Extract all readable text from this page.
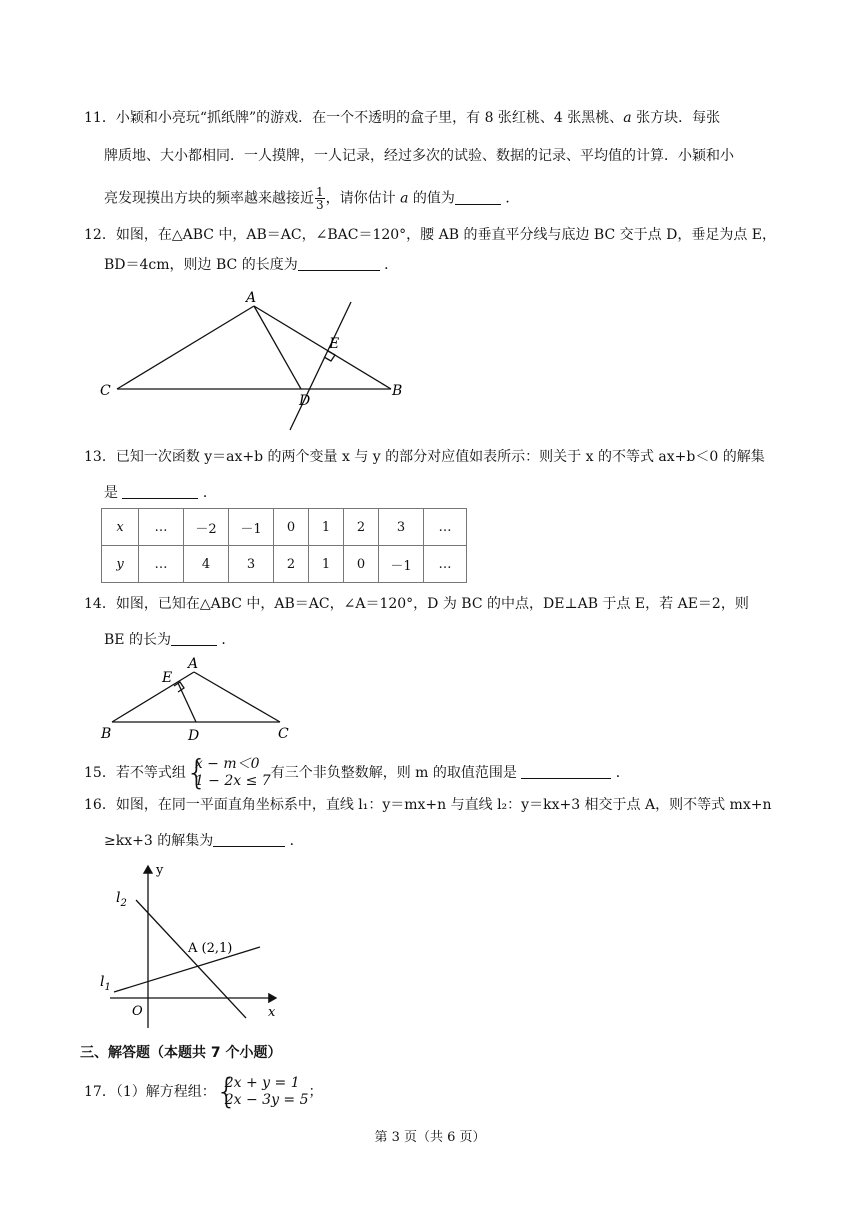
11．小颖和小亮玩“抓纸牌”的游戏．在一个不透明的盒子里，有 8 张红桃、4 张黑桃、a 张方块．每张
牌质地、大小都相同．一人摸牌，一人记录，经过多次的试验、数据的记录、平均值的计算．小颖和小
亮发现摸出方块的频率越来越接近 $\frac{1}{3}$ ，请你估计 a 的值为	．
12．如图，在△ABC 中，AB＝AC，∠BAC＝120°，腰 AB 的垂直平分线与底边 BC 交于点 D，垂足为点 E，
BD＝4cm，则边 BC 的长度为	．
A
C	B
D
E
13．已知一次函数 y＝ax+b 的两个变量 x 与 y 的部分对应值如表所示：则关于 x 的不等式 ax+b＜0 的解集
是	．
x	…	－2	－1	0	1	2	3	…
y	…	4	3	2	1	0	－1	…
14．如图，已知在△ABC 中，AB＝AC，∠A＝120°，D 为 BC 的中点，DE⊥AB 于点 E，若 AE＝2，则
BE 的长为	．
A
E
B	D	C
15．若不等式组 {
x − m＜0
1 − 2x ≤ 7 有三个非负整数解，则 m 的取值范围是	．
16．如图，在同一平面直角坐标系中，直线 l₁：y＝mx+n 与直线 l₂：y＝kx+3 相交于点 A，则不等式 mx+n
≥kx+3 的解集为	．
y
x
O
$l_2$
$l_1$
A (2,1)
三、解答题（本题共 7 个小题）
17．（1）解方程组： {
2x + y = 1
2x − 3y = 5 ；
第 3 页（共 6 页）
